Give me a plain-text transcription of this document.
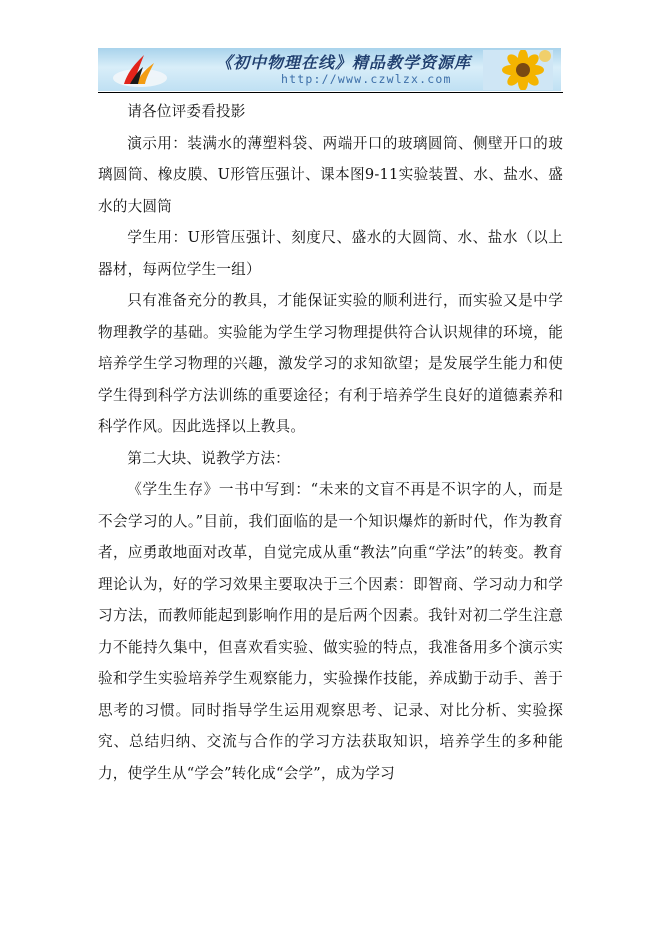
《初中物理在线》精品教学资源库
http://www.czwlzx.com

请各位评委看投影

演示用：装满水的薄塑料袋、两端开口的玻璃圆筒、侧壁开口的玻璃圆筒、橡皮膜、U形管压强计、课本图9-11实验装置、水、盐水、盛水的大圆筒

学生用：U形管压强计、刻度尺、盛水的大圆筒、水、盐水（以上器材，每两位学生一组）

只有准备充分的教具，才能保证实验的顺利进行，而实验又是中学物理教学的基础。实验能为学生学习物理提供符合认识规律的环境，能培养学生学习物理的兴趣，激发学习的求知欲望；是发展学生能力和使学生得到科学方法训练的重要途径；有利于培养学生良好的道德素养和科学作风。因此选择以上教具。

第二大块、说教学方法：

《学生生存》一书中写到：“未来的文盲不再是不识字的人，而是不会学习的人。”目前，我们面临的是一个知识爆炸的新时代，作为教育者，应勇敢地面对改革，自觉完成从重“教法”向重“学法”的转变。教育理论认为，好的学习效果主要取决于三个因素：即智商、学习动力和学习方法，而教师能起到影响作用的是后两个因素。我针对初二学生注意力不能持久集中，但喜欢看实验、做实验的特点，我准备用多个演示实验和学生实验培养学生观察能力，实验操作技能，养成勤于动手、善于思考的习惯。同时指导学生运用观察思考、记录、对比分析、实验探究、总结归纳、交流与合作的学习方法获取知识，培养学生的多种能力，使学生从“学会”转化成“会学”，成为学习
